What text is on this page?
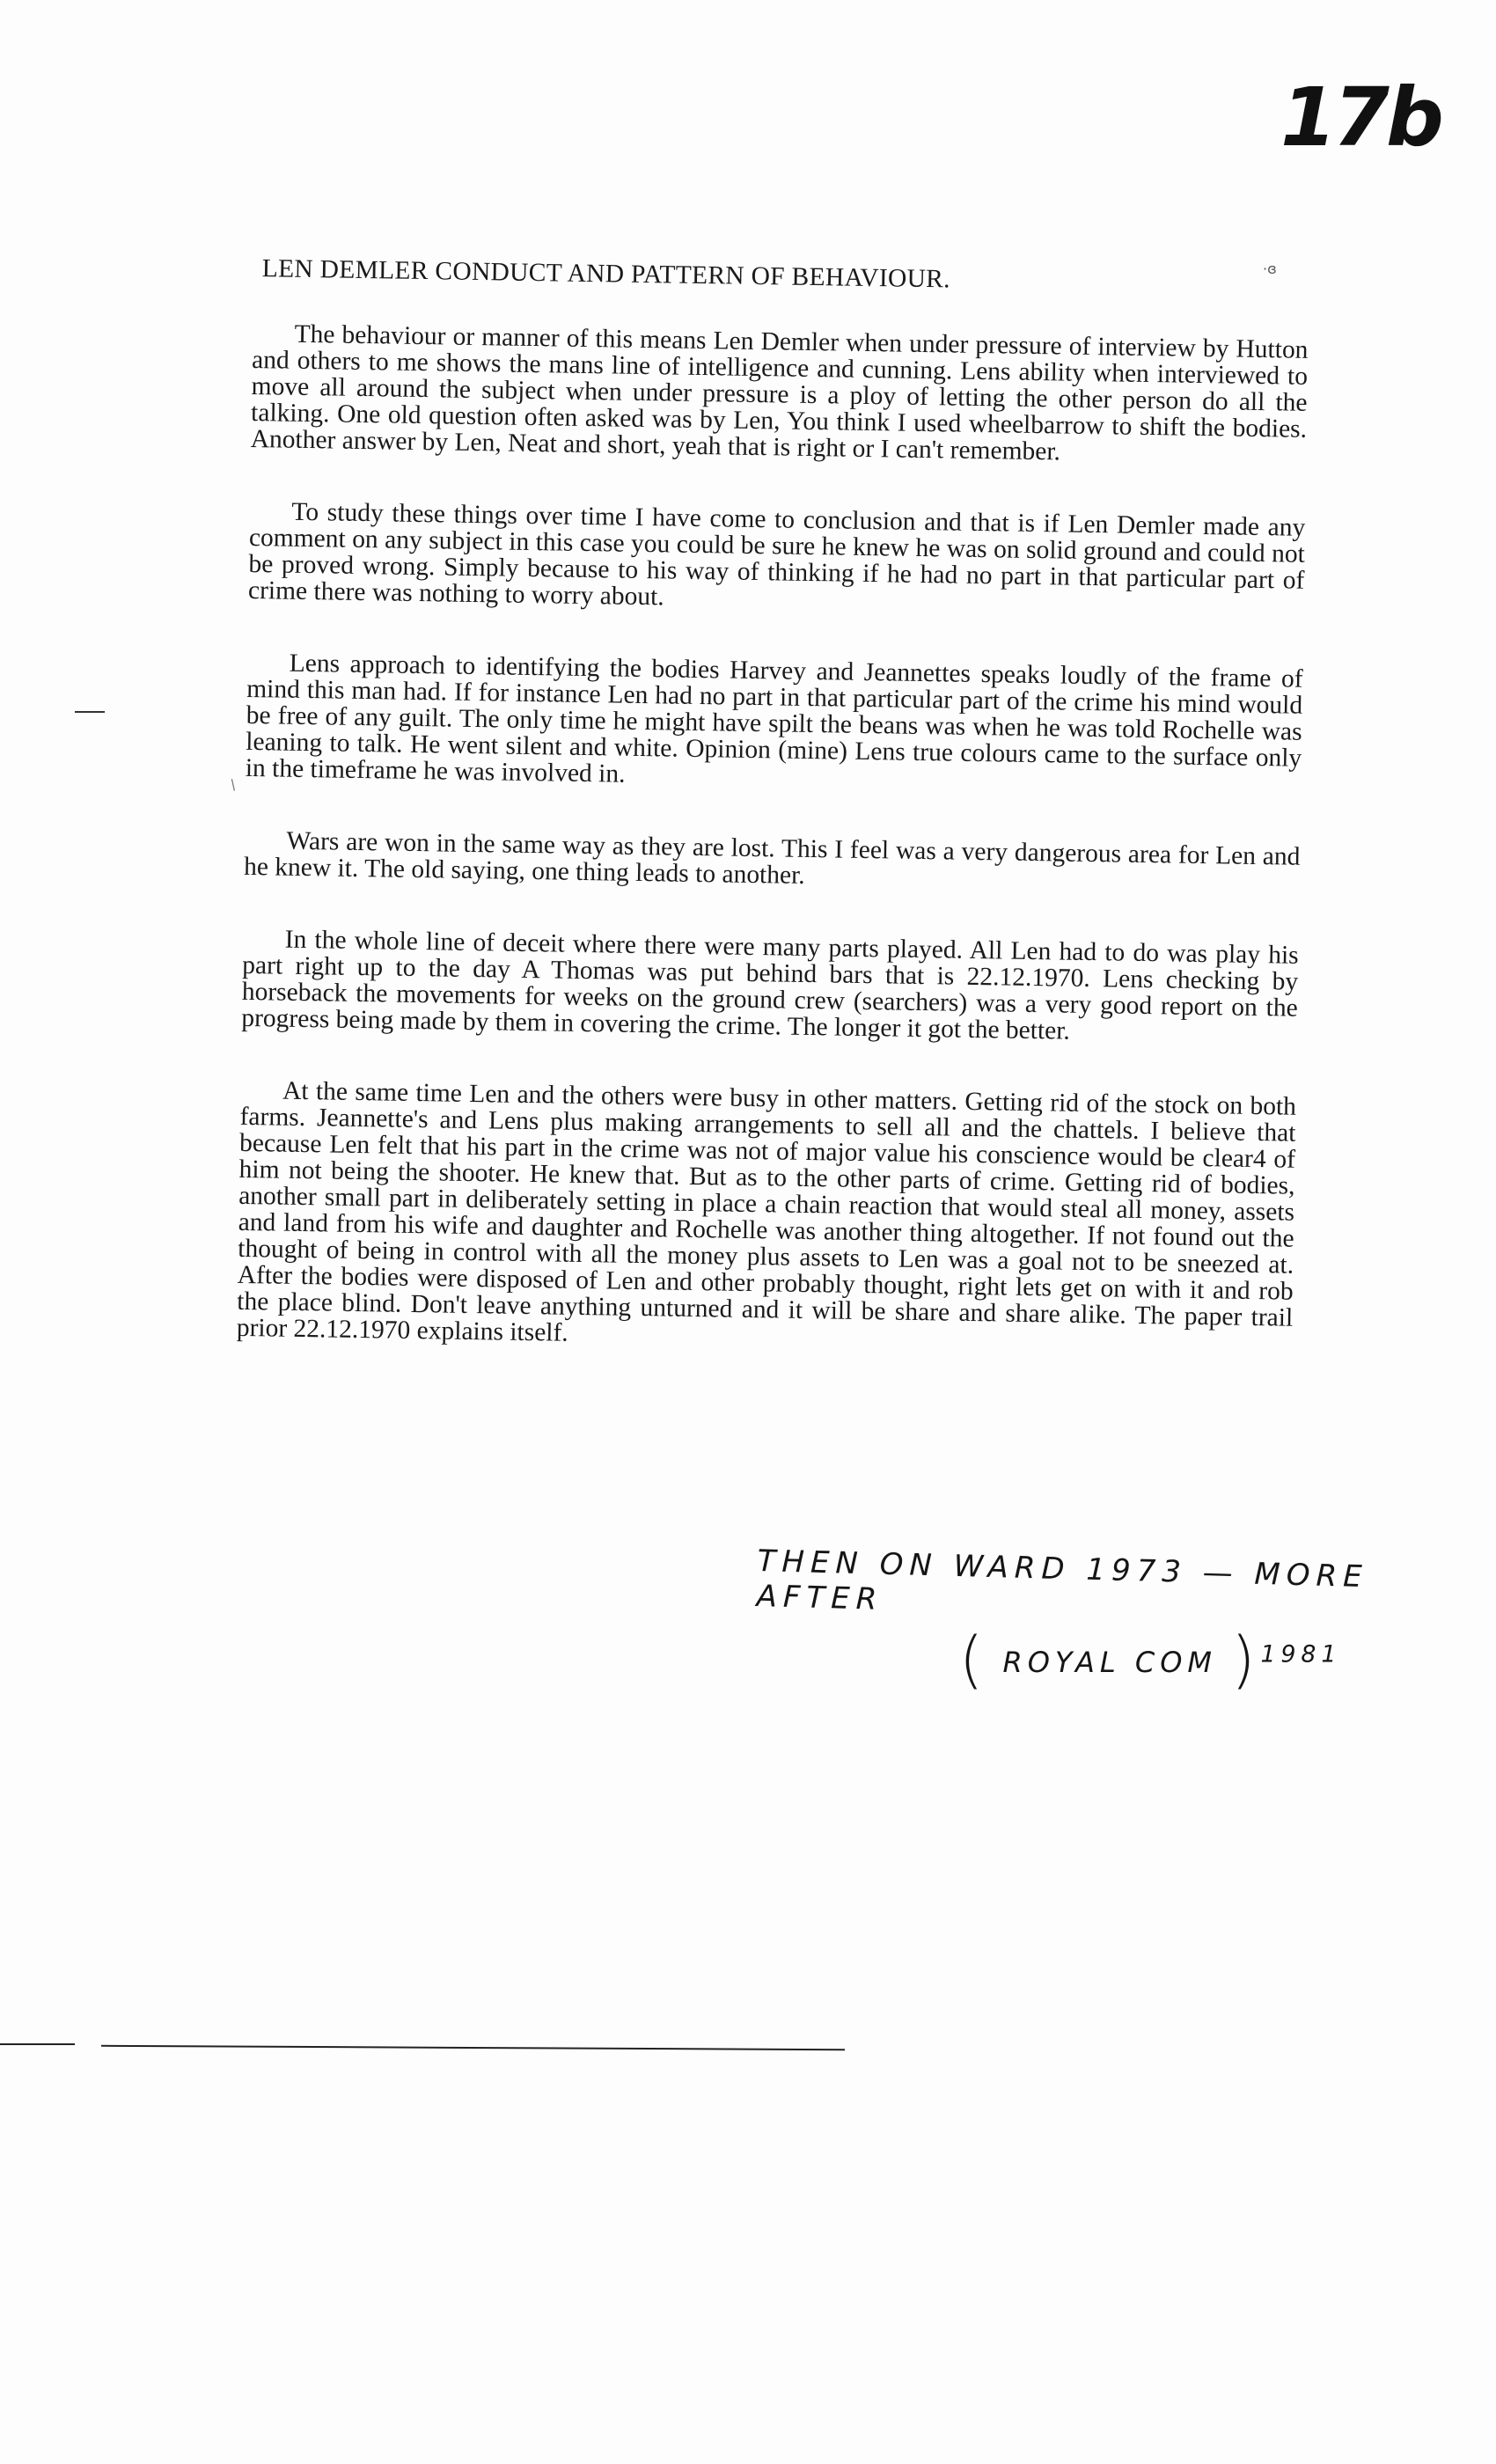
17b
·ɞ
/
LEN DEMLER CONDUCT AND PATTERN OF BEHAVIOUR.

The behaviour or manner of this means Len Demler when under pressure of interview by Hutton and others to me shows the mans line of intelligence and cunning. Lens ability when interviewed to move all around the subject when under pressure is a ploy of letting the other person do all the talking. One old question often asked was by Len, You think I used wheelbarrow to shift the bodies. Another answer by Len, Neat and short, yeah that is right or I can't remember.

To study these things over time I have come to conclusion and that is if Len Demler made any comment on any subject in this case you could be sure he knew he was on solid ground and could not be proved wrong. Simply because to his way of thinking if he had no part in that particular part of crime there was nothing to worry about.

Lens approach to identifying the bodies Harvey and Jeannettes speaks loudly of the frame of mind this man had. If for instance Len had no part in that particular part of the crime his mind would be free of any guilt. The only time he might have spilt the beans was when he was told Rochelle was leaning to talk. He went silent and white. Opinion (mine) Lens true colours came to the surface only in the timeframe he was involved in.

Wars are won in the same way as they are lost. This I feel was a very dangerous area for Len and he knew it. The old saying, one thing leads to another.

In the whole line of deceit where there were many parts played. All Len had to do was play his part right up to the day A Thomas was put behind bars that is 22.12.1970. Lens checking by horseback the movements for weeks on the ground crew (searchers) was a very good report on the progress being made by them in covering the crime. The longer it got the better.

At the same time Len and the others were busy in other matters. Getting rid of the stock on both farms. Jeannette's and Lens plus making arrangements to sell all and the chattels. I believe that because Len felt that his part in the crime was not of major value his conscience would be clear4 of him not being the shooter. He knew that. But as to the other parts of crime. Getting rid of bodies, another small part in deliberately setting in place a chain reaction that would steal all money, assets and land from his wife and daughter and Rochelle was another thing altogether. If not found out the thought of being in control with all the money plus assets to Len was a goal not to be sneezed at. After the bodies were disposed of Len and other probably thought, right lets get on with it and rob the place blind. Don't leave anything unturned and it will be share and share alike. The paper trail prior 22.12.1970 explains itself.

THEN ON WARD 1973 — MORE AFTER
( ROYAL COM )$^{1981}$
